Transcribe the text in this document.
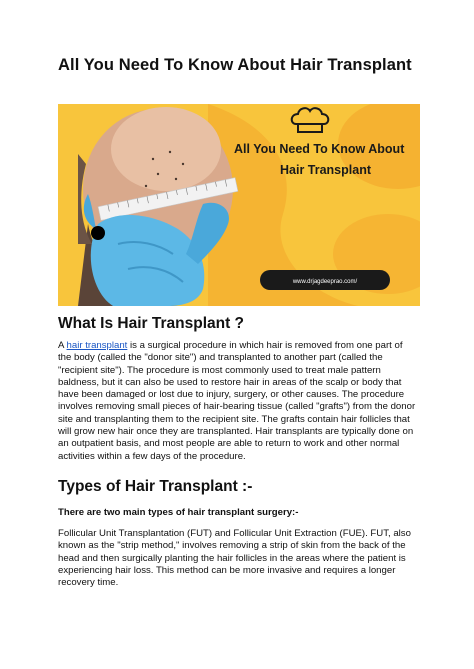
All You Need To Know About Hair Transplant
All You Need To Know About
Hair Transplant
www.drjagdeeprao.com/
What Is Hair Transplant ?

A hair transplant is a surgical procedure in which hair is removed from one part of the body (called the "donor site") and transplanted to another part (called the "recipient site"). The procedure is most commonly used to treat male pattern baldness, but it can also be used to restore hair in areas of the scalp or body that have been damaged or lost due to injury, surgery, or other causes. The procedure involves removing small pieces of hair-bearing tissue (called "grafts") from the donor site and transplanting them to the recipient site. The grafts contain hair follicles that will grow new hair once they are transplanted. Hair transplants are typically done on an outpatient basis, and most people are able to return to work and other normal activities within a few days of the procedure.

Types of Hair Transplant :-

There are two main types of hair transplant surgery:-

Follicular Unit Transplantation (FUT) and Follicular Unit Extraction (FUE). FUT, also known as the "strip method," involves removing a strip of skin from the back of the head and then surgically planting the hair follicles in the areas where the patient is experiencing hair loss. This method can be more invasive and requires a longer recovery time.
